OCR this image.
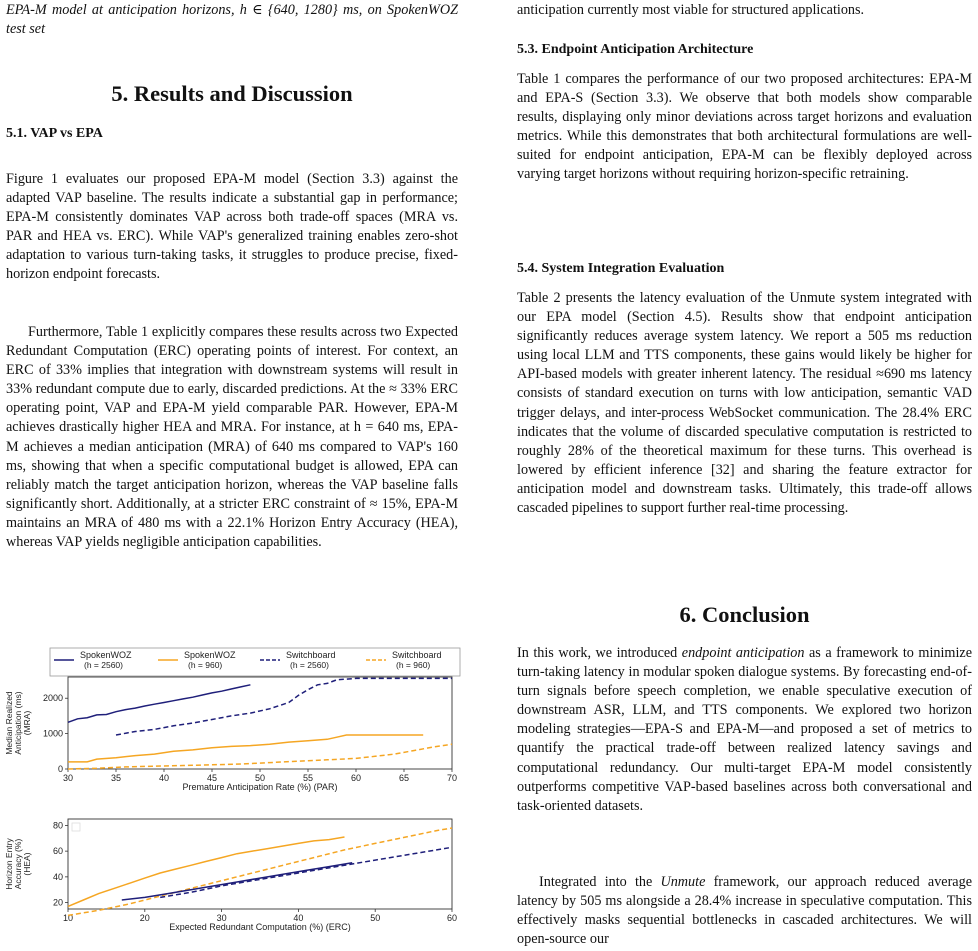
EPA-M model at anticipation horizons, h ∈ {640, 1280} ms, on SpokenWOZ test set

5. Results and Discussion
5.1. VAP vs EPA

Figure 1 evaluates our proposed EPA-M model (Section 3.3) against the adapted VAP baseline. The results indicate a substantial gap in performance; EPA-M consistently dominates VAP across both trade-off spaces (MRA vs. PAR and HEA vs. ERC). While VAP's generalized training enables zero-shot adaptation to various turn-taking tasks, it struggles to produce precise, fixed-horizon endpoint forecasts.

Furthermore, Table 1 explicitly compares these results across two Expected Redundant Computation (ERC) operating points of interest. For context, an ERC of 33% implies that integration with downstream systems will result in 33% redundant compute due to early, discarded predictions. At the ≈ 33% ERC operating point, VAP and EPA-M yield comparable PAR. However, EPA-M achieves drastically higher HEA and MRA. For instance, at h = 640 ms, EPA-M achieves a median anticipation (MRA) of 640 ms compared to VAP's 160 ms, showing that when a specific computational budget is allowed, EPA can reliably match the target anticipation horizon, whereas the VAP baseline falls significantly short. Additionally, at a stricter ERC constraint of ≈ 15%, EPA-M maintains an MRA of 480 ms with a 22.1% Horizon Entry Accuracy (HEA), whereas VAP yields negligible anticipation capabilities.

SpokenWOZ
(h = 2560)
SpokenWOZ
(h = 960)
Switchboard
(h = 2560)
Switchboard
(h = 960)
30	35	40	45	50	55	60	65	70
0
1000
2000
Premature Anticipation Rate (%) (PAR)
Median Realized Anticipation (ms) (MRA)
10	20	30	40	50	60
20
40
60
80
Expected Redundant Computation (%) (ERC)
Horizon Entry Accuracy (%) (HEA)

anticipation currently most viable for structured applications.

5.3. Endpoint Anticipation Architecture

Table 1 compares the performance of our two proposed architectures: EPA-M and EPA-S (Section 3.3). We observe that both models show comparable results, displaying only minor deviations across target horizons and evaluation metrics. While this demonstrates that both architectural formulations are well-suited for endpoint anticipation, EPA-M can be flexibly deployed across varying target horizons without requiring horizon-specific retraining.

5.4. System Integration Evaluation

Table 2 presents the latency evaluation of the Unmute system integrated with our EPA model (Section 4.5). Results show that endpoint anticipation significantly reduces average system latency. We report a 505 ms reduction using local LLM and TTS components, these gains would likely be higher for API-based models with greater inherent latency. The residual ≈690 ms latency consists of standard execution on turns with low anticipation, semantic VAD trigger delays, and inter-process WebSocket communication. The 28.4% ERC indicates that the volume of discarded speculative computation is restricted to roughly 28% of the theoretical maximum for these turns. This overhead is lowered by efficient inference [32] and sharing the feature extractor for anticipation model and downstream tasks. Ultimately, this trade-off allows cascaded pipelines to support further real-time processing.

6. Conclusion

In this work, we introduced endpoint anticipation as a framework to minimize turn-taking latency in modular spoken dialogue systems. By forecasting end-of-turn signals before speech completion, we enable speculative execution of downstream ASR, LLM, and TTS components. We explored two horizon modeling strategies—EPA-S and EPA-M—and proposed a set of metrics to quantify the practical trade-off between realized latency savings and computational redundancy. Our multi-target EPA-M model consistently outperforms competitive VAP-based baselines across both conversational and task-oriented datasets.

Integrated into the Unmute framework, our approach reduced average latency by 505 ms alongside a 28.4% increase in speculative computation. This effectively masks sequential bottlenecks in cascaded architectures. We will open-source our
